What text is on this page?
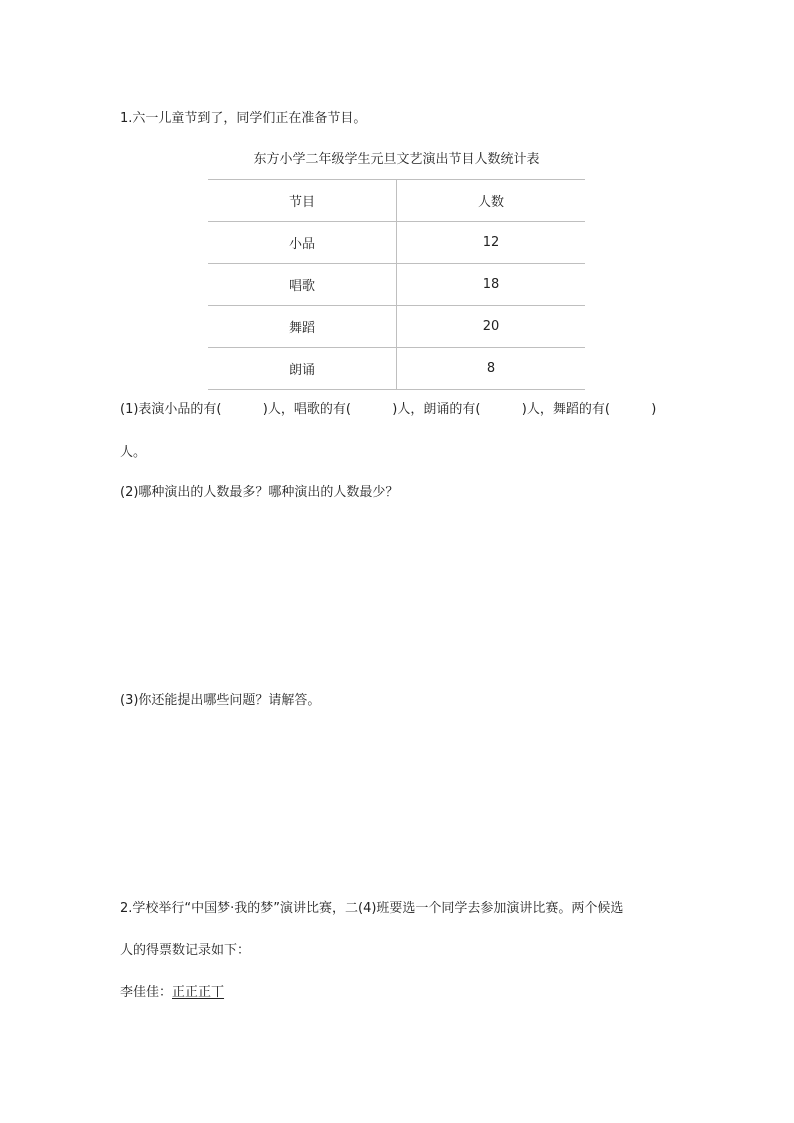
1.六一儿童节到了，同学们正在准备节目。
东方小学二年级学生元旦文艺演出节目人数统计表
节目	人数
小品	12
唱歌	18
舞蹈	20
朗诵	8
(1)表演小品的有(          )人，唱歌的有(          )人，朗诵的有(          )人，舞蹈的有(          )
人。
(2)哪种演出的人数最多？哪种演出的人数最少？
(3)你还能提出哪些问题？请解答。
2.学校举行“中国梦·我的梦”演讲比赛，二(4)班要选一个同学去参加演讲比赛。两个候选
人的得票数记录如下：
李佳佳：正正正丅
